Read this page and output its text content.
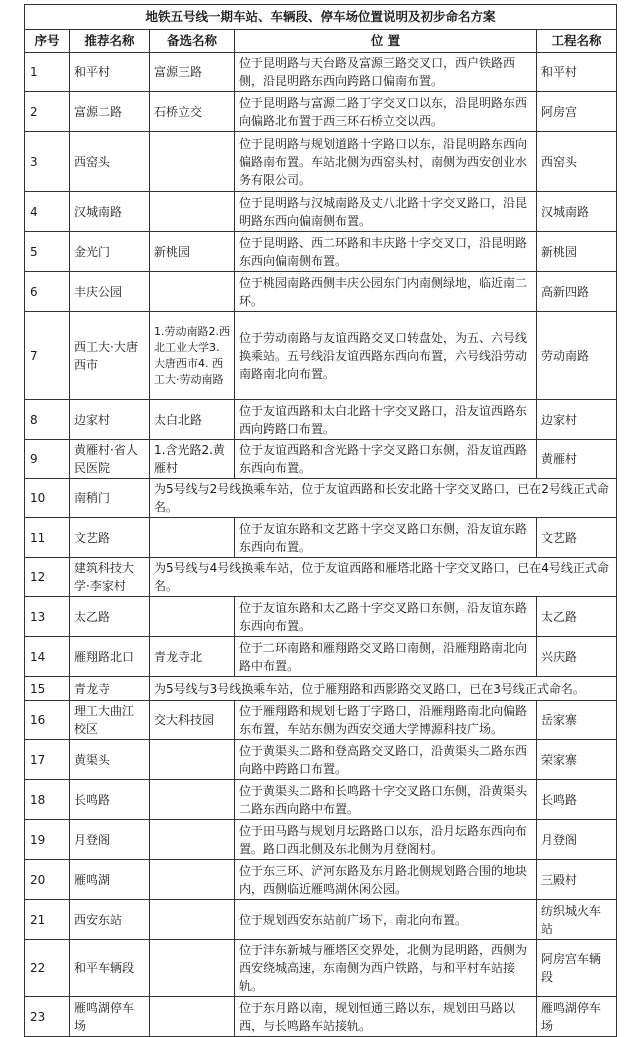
地铁五号线一期车站、车辆段、停车场位置说明及初步命名方案				
序号	推荐名称	备选名称	位 置	工程名称
1	和平村	富源三路	位于昆明路与天台路及富源三路交叉口，西户铁路西侧，沿昆明路东西向跨路口偏南布置。	和平村
2	富源二路	石桥立交	位于昆明路与富源二路丁字交叉口以东，沿昆明路东西向偏路北布置于西三环石桥立交以西。	阿房宫
3	西窑头		位于昆明路与规划道路十字路口以东，沿昆明路东西向偏路南布置。车站北侧为西窑头村，南侧为西安创业水务有限公司。	西窑头
4	汉城南路		位于昆明路与汉城南路及丈八北路十字交叉路口，沿昆明路东西向偏南侧布置。	汉城南路
5	金光门	新桃园	位于昆明路、西二环路和丰庆路十字交叉口，沿昆明路东西向偏南侧布置。	新桃园
6	丰庆公园		位于桃园南路西侧丰庆公园东门内南侧绿地，临近南二环。	高新四路
7	西工大·大唐西市	1.劳动南路2.西北工业大学3.大唐西市4. 西工大·劳动南路	位于劳动南路与友谊西路交叉口转盘处，为五、六号线换乘站。五号线沿友谊西路东西向布置，六号线沿劳动南路南北向布置。	劳动南路
8	边家村	太白北路	位于友谊西路和太白北路十字交叉路口，沿友谊西路东西向跨路口布置。	边家村
9	黄雁村·省人民医院	1.含光路2.黄雁村	位于友谊西路和含光路十字交叉路口东侧，沿友谊西路东西向布置。	黄雁村
10	南稍门	为5号线与2号线换乘车站，位于友谊西路和长安北路十字交叉路口，已在2号线正式命名。		
11	文艺路		位于友谊东路和文艺路十字交叉路口东侧，沿友谊东路东西向布置。	文艺路
12	建筑科技大学·李家村	为5号线与4号线换乘车站，位于友谊西路和雁塔北路十字交叉路口，已在4号线正式命名。		
13	太乙路		位于友谊东路和太乙路十字交叉路口东侧，沿友谊东路东西向布置。	太乙路
14	雁翔路北口	青龙寺北	位于二环南路和雁翔路交叉路口南侧，沿雁翔路南北向路中布置。	兴庆路
15	青龙寺	为5号线与3号线换乘车站，位于雁翔路和西影路交叉路口，已在3号线正式命名。		
16	理工大曲江校区	交大科技园	位于雁翔路和规划七路丁字路口，沿雁翔路南北向偏路东布置，车站东侧为西安交通大学博源科技广场。	岳家寨
17	黄渠头		位于黄渠头二路和登高路交叉路口，沿黄渠头二路东西向路中跨路口布置。	荣家寨
18	长鸣路		位于黄渠头二路和长鸣路十字交叉路口东侧，沿黄渠头二路东西向路中布置。	长鸣路
19	月登阁		位于田马路与规划月坛路路口以东，沿月坛路东西向布置。路口西北侧及东北侧为月登阁村。	月登阁
20	雁鸣湖		位于东三环、浐河东路及东月路北侧规划路合围的地块内，西侧临近雁鸣湖休闲公园。	三殿村
21	西安东站		位于规划西安东站前广场下，南北向布置。	纺织城火车站
22	和平车辆段		位于沣东新城与雁塔区交界处，北侧为昆明路，西侧为西安绕城高速，东南侧为西户铁路，与和平村车站接轨。	阿房宫车辆段
23	雁鸣湖停车场		位于东月路以南，规划恒通三路以东，规划田马路以西，与长鸣路车站接轨。	雁鸣湖停车场
